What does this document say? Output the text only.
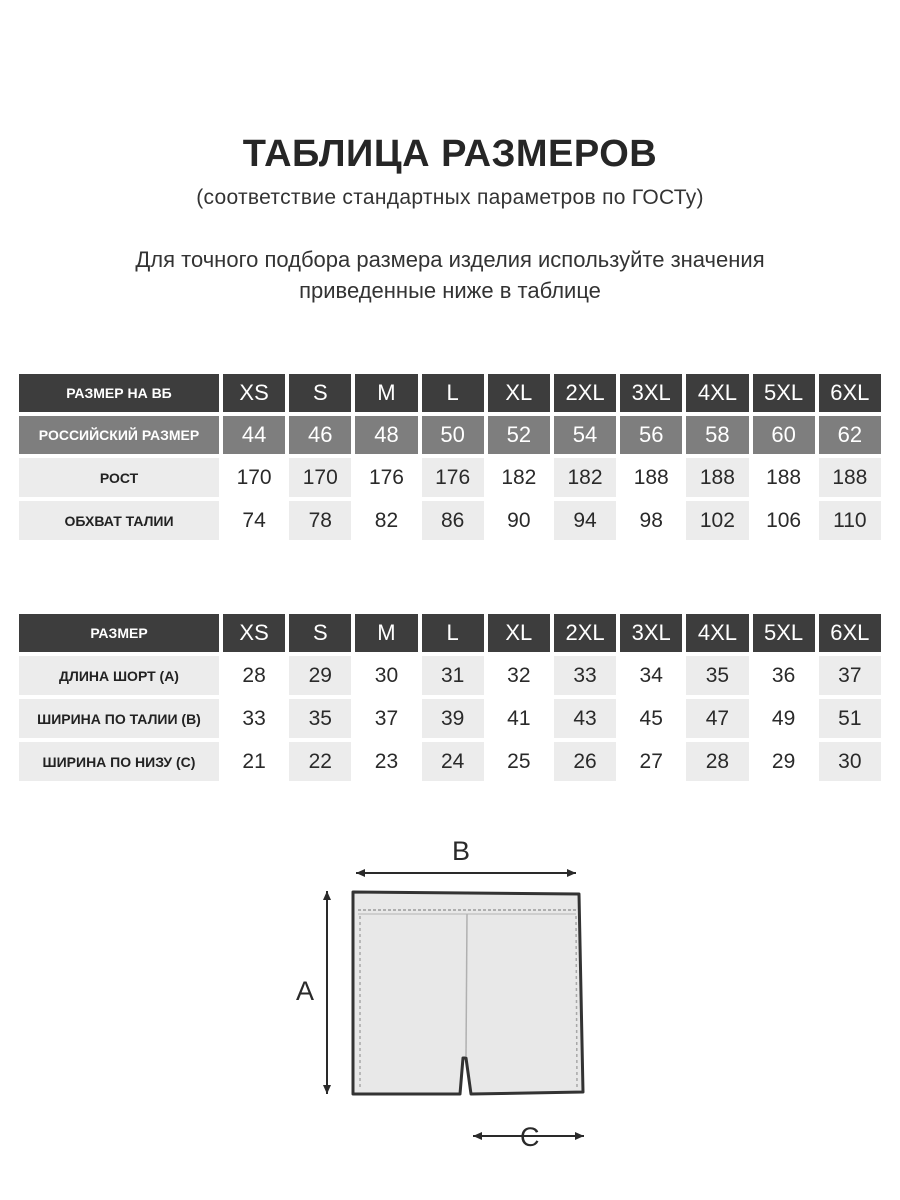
ТАБЛИЦА РАЗМЕРОВ
(соответствие стандартных параметров по ГОСТу)
Для точного подбора размера изделия используйте значения
приведенные ниже в таблице
РАЗМЕР НА ВБ	XS	S	M	L	XL	2XL	3XL	4XL	5XL	6XL
РОССИЙСКИЙ РАЗМЕР	44	46	48	50	52	54	56	58	60	62
РОСТ	170	170	176	176	182	182	188	188	188	188
ОБХВАТ ТАЛИИ	74	78	82	86	90	94	98	102	106	110
РАЗМЕР	XS	S	M	L	XL	2XL	3XL	4XL	5XL	6XL
ДЛИНА ШОРТ (А)	28	29	30	31	32	33	34	35	36	37
ШИРИНА ПО ТАЛИИ (В)	33	35	37	39	41	43	45	47	49	51
ШИРИНА ПО НИЗУ (С)	21	22	23	24	25	26	27	28	29	30
B
A
C
